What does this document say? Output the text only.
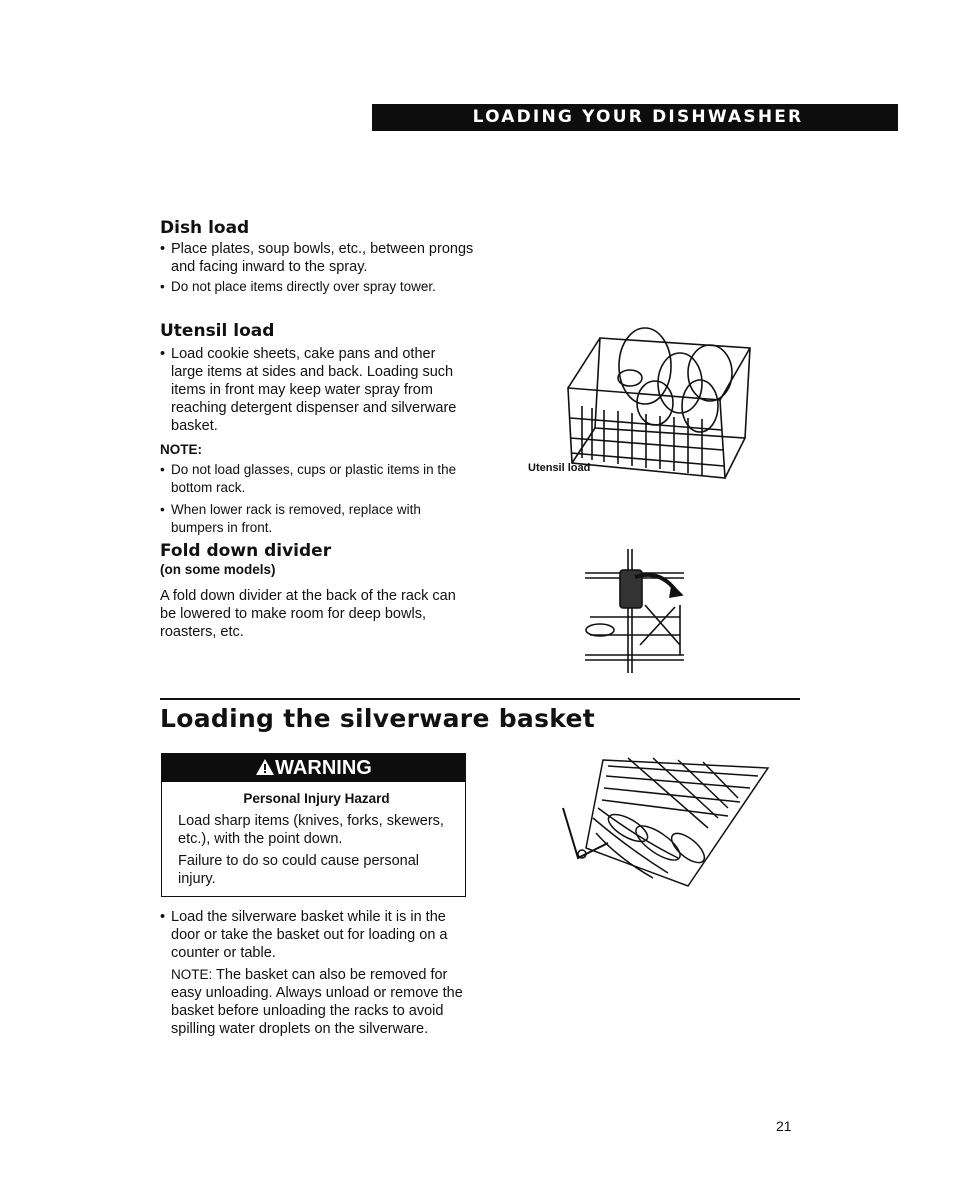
LOADING YOUR DISHWASHER
Dish load
• Place plates, soup bowls, etc., between prongs and facing inward to the spray.
• Do not place items directly over spray tower.
Utensil load
• Load cookie sheets, cake pans and other large items at sides and back. Loading such items in front may keep water spray from reaching detergent dispenser and silverware basket.
NOTE:
• Do not load glasses, cups or plastic items in the bottom rack.
• When lower rack is removed, replace with bumpers in front.
Fold down divider
(on some models)
A fold down divider at the back of the rack can be lowered to make room for deep bowls, roasters, etc.
Utensil load
Loading the silverware basket
WARNING
Personal Injury Hazard
Load sharp items (knives, forks, skewers, etc.), with the point down.
Failure to do so could cause personal injury.
• Load the silverware basket while it is in the door or take the basket out for loading on a counter or table.
NOTE: The basket can also be removed for easy unloading. Always unload or remove the basket before unloading the racks to avoid spilling water droplets on the silverware.
21
